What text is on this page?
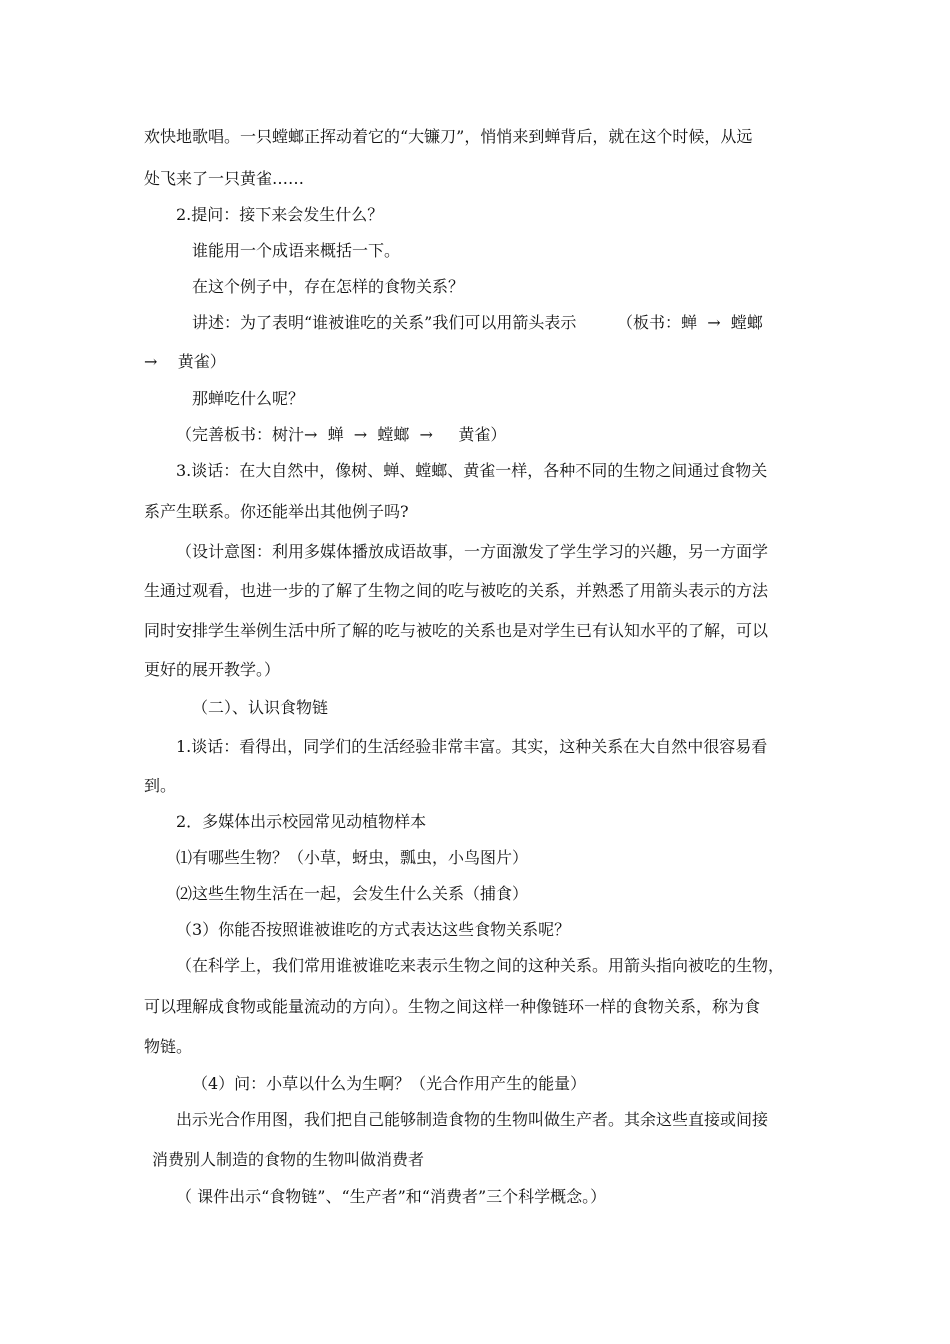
欢快地歌唱。一只螳螂正挥动着它的“大镰刀”，悄悄来到蝉背后，就在这个时候，从远
处飞来了一只黄雀……
2.提问：接下来会发生什么？
谁能用一个成语来概括一下。
在这个例子中，存在怎样的食物关系？
讲述：为了表明“谁被谁吃的关系”我们可以用箭头表示        （板书：蝉  →  螳螂
→    黄雀）
那蝉吃什么呢？
（完善板书：树汁→  蝉  →  螳螂  →     黄雀）
3.谈话：在大自然中，像树、蝉、螳螂、黄雀一样，各种不同的生物之间通过食物关
系产生联系。你还能举出其他例子吗?
（设计意图：利用多媒体播放成语故事，一方面激发了学生学习的兴趣，另一方面学
生通过观看，也进一步的了解了生物之间的吃与被吃的关系，并熟悉了用箭头表示的方法
同时安排学生举例生活中所了解的吃与被吃的关系也是对学生已有认知水平的了解，可以
更好的展开教学。）
（二）、认识食物链
1.谈话：看得出，同学们的生活经验非常丰富。其实，这种关系在大自然中很容易看
到。
2．多媒体出示校园常见动植物样本
⑴有哪些生物？（小草，蚜虫，瓢虫，小鸟图片）
⑵这些生物生活在一起，会发生什么关系（捕食）
（3）你能否按照谁被谁吃的方式表达这些食物关系呢？
（在科学上，我们常用谁被谁吃来表示生物之间的这种关系。用箭头指向被吃的生物，
可以理解成食物或能量流动的方向）。生物之间这样一种像链环一样的食物关系，称为食
物链。
（4）问：小草以什么为生啊？（光合作用产生的能量）
出示光合作用图，我们把自己能够制造食物的生物叫做生产者。其余这些直接或间接
消费别人制造的食物的生物叫做消费者
（ 课件出示“食物链”、“生产者”和“消费者”三个科学概念。）
